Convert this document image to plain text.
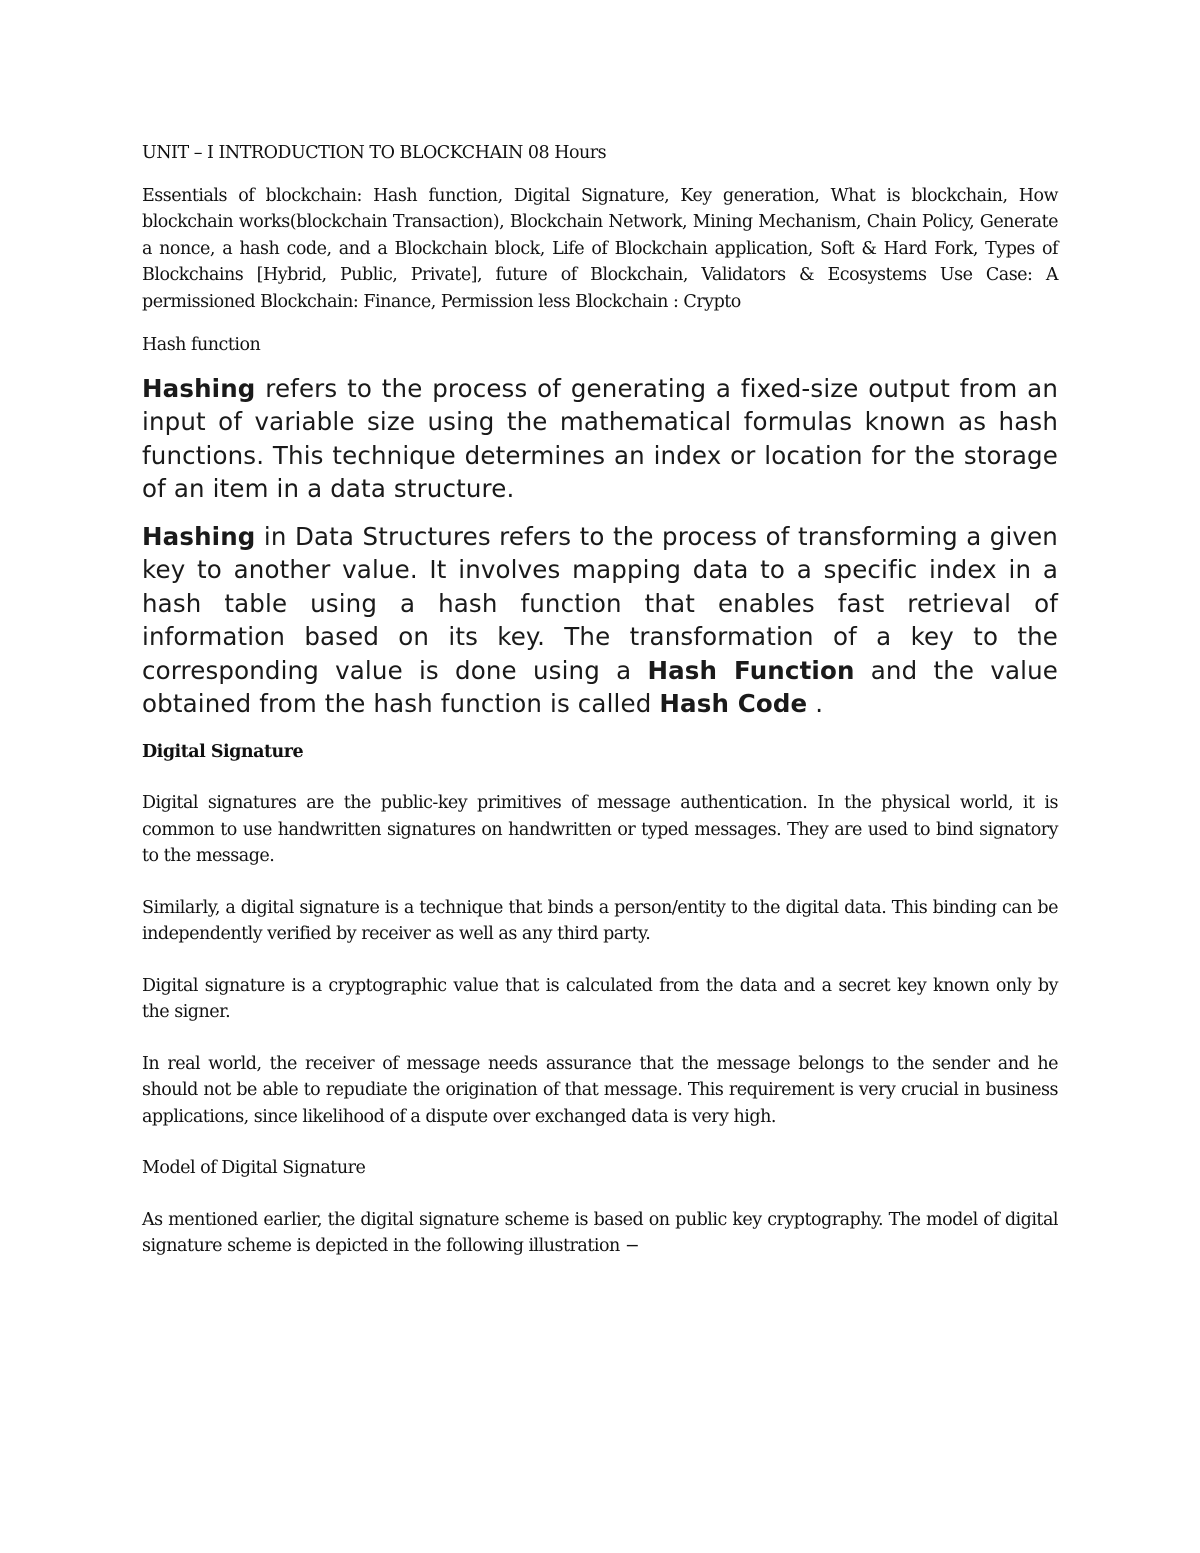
UNIT – I INTRODUCTION TO BLOCKCHAIN 08 Hours

Essentials of blockchain: Hash function, Digital Signature, Key generation, What is blockchain, How blockchain works(blockchain Transaction), Blockchain Network, Mining Mechanism, Chain Policy, Generate a nonce, a hash code, and a Blockchain block, Life of Blockchain application, Soft & Hard Fork, Types of Blockchains [Hybrid, Public, Private], future of Blockchain, Validators & Ecosystems Use Case: A permissioned Blockchain: Finance, Permission less Blockchain : Crypto

Hash function

Hashing refers to the process of generating a fixed-size output from an input of variable size using the mathematical formulas known as hash functions. This technique determines an index or location for the storage of an item in a data structure.

Hashing in Data Structures refers to the process of transforming a given key to another value. It involves mapping data to a specific index in a hash table using a hash function that enables fast retrieval of information based on its key. The transformation of a key to the corresponding value is done using a Hash Function and the value obtained from the hash function is called Hash Code .

Digital Signature

Digital signatures are the public-key primitives of message authentication. In the physical world, it is common to use handwritten signatures on handwritten or typed messages. They are used to bind signatory to the message.

Similarly, a digital signature is a technique that binds a person/entity to the digital data. This binding can be independently verified by receiver as well as any third party.

Digital signature is a cryptographic value that is calculated from the data and a secret key known only by the signer.

In real world, the receiver of message needs assurance that the message belongs to the sender and he should not be able to repudiate the origination of that message. This requirement is very crucial in business applications, since likelihood of a dispute over exchanged data is very high.

Model of Digital Signature

As mentioned earlier, the digital signature scheme is based on public key cryptography. The model of digital signature scheme is depicted in the following illustration −
